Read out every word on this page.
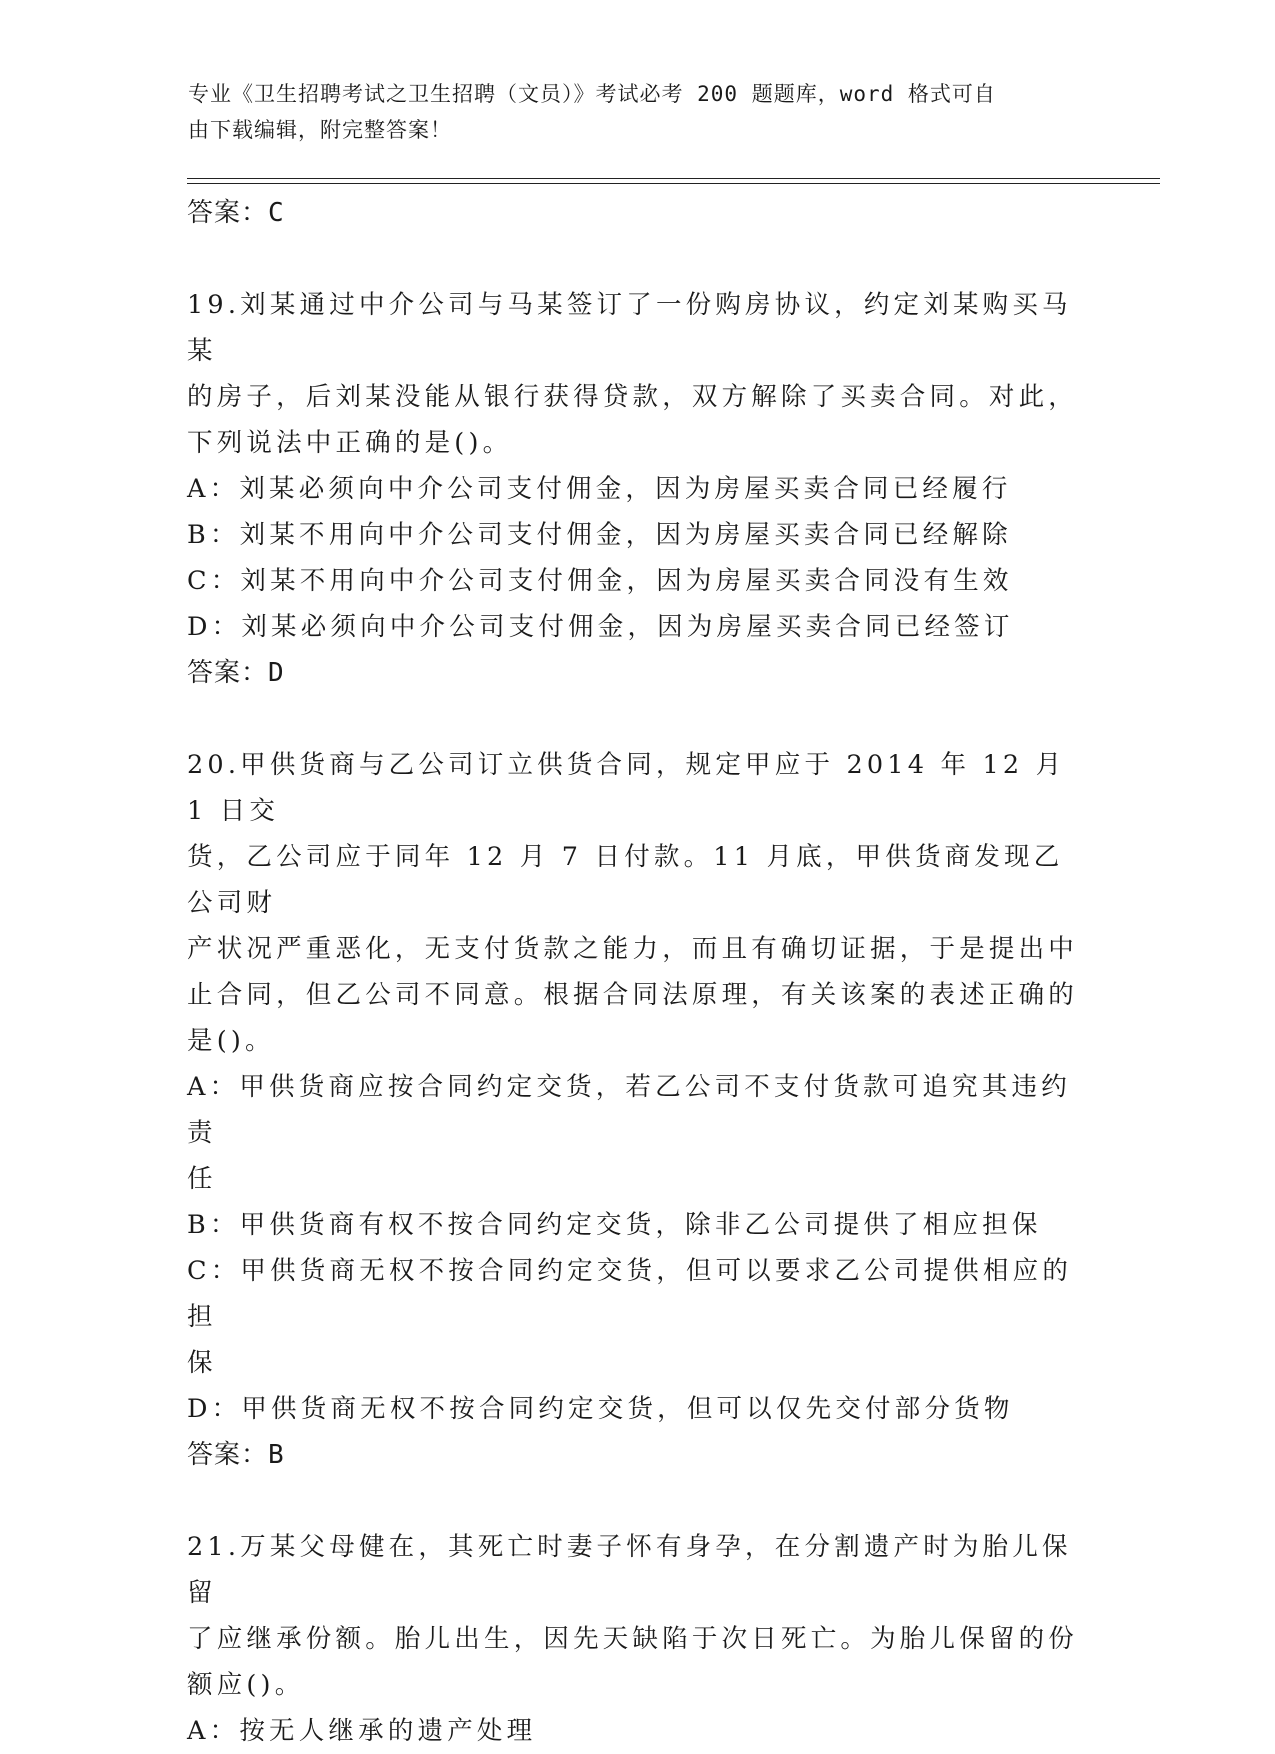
专业《卫生招聘考试之卫生招聘（文员）》考试必考 200 题题库，word 格式可自
由下载编辑，附完整答案！
答案：C
19.刘某通过中介公司与马某签订了一份购房协议，约定刘某购买马某
的房子，后刘某没能从银行获得贷款，双方解除了买卖合同。对此，
下列说法中正确的是()。
A：刘某必须向中介公司支付佣金，因为房屋买卖合同已经履行
B：刘某不用向中介公司支付佣金，因为房屋买卖合同已经解除
C：刘某不用向中介公司支付佣金，因为房屋买卖合同没有生效
D：刘某必须向中介公司支付佣金，因为房屋买卖合同已经签订
答案：D
20.甲供货商与乙公司订立供货合同，规定甲应于 2014 年 12 月 1 日交
货，乙公司应于同年 12 月 7 日付款。11 月底，甲供货商发现乙公司财
产状况严重恶化，无支付货款之能力，而且有确切证据，于是提出中
止合同，但乙公司不同意。根据合同法原理，有关该案的表述正确的
是()。
A：甲供货商应按合同约定交货，若乙公司不支付货款可追究其违约责
任
B：甲供货商有权不按合同约定交货，除非乙公司提供了相应担保
C：甲供货商无权不按合同约定交货，但可以要求乙公司提供相应的担
保
D：甲供货商无权不按合同约定交货，但可以仅先交付部分货物
答案：B
21.万某父母健在，其死亡时妻子怀有身孕，在分割遗产时为胎儿保留
了应继承份额。胎儿出生，因先天缺陷于次日死亡。为胎儿保留的份
额应()。
A：按无人继承的遗产处理
